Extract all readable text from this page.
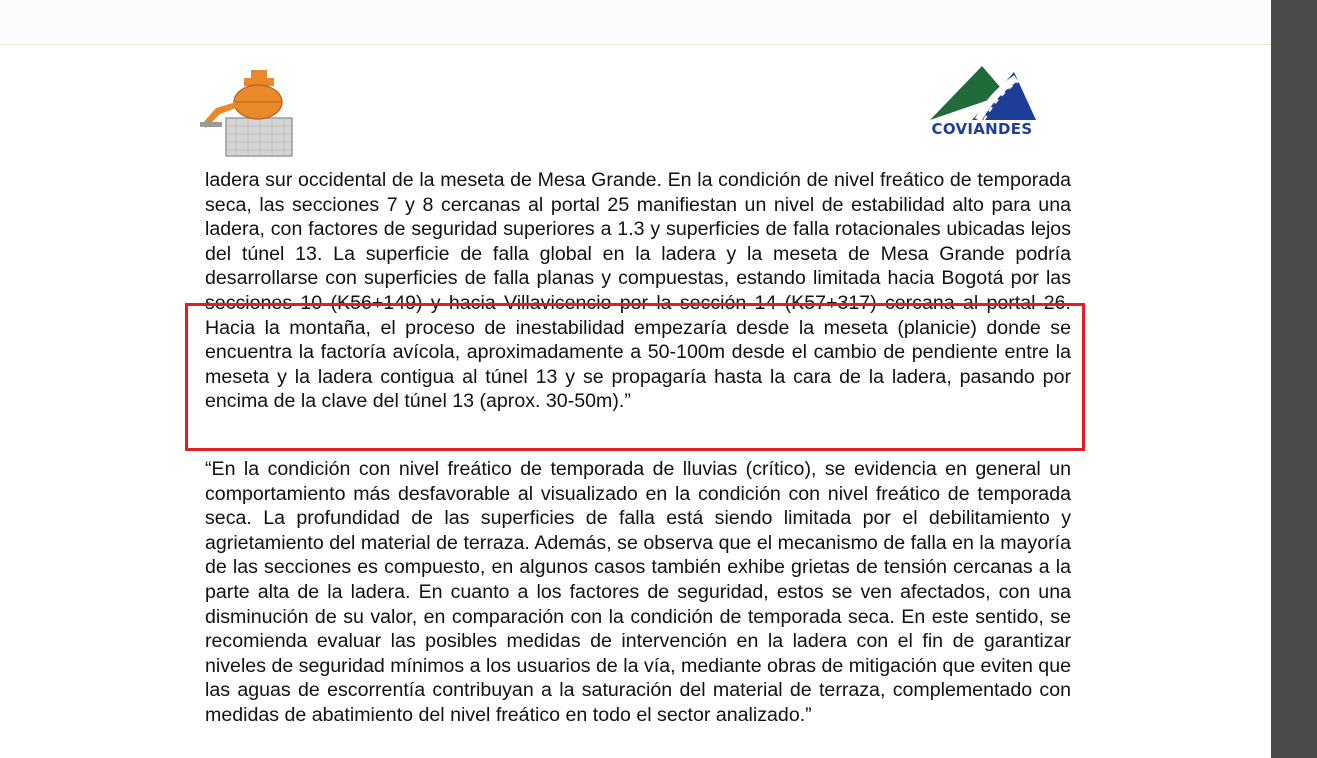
COVIANDES

ladera sur occidental de la meseta de Mesa Grande. En la condición de nivel freático de temporada seca, las secciones 7 y 8 cercanas al portal 25 manifiestan un nivel de estabilidad alto para una ladera, con factores de seguridad superiores a 1.3 y superficies de falla rotacionales ubicadas lejos del túnel 13. La superficie de falla global en la ladera y la meseta de Mesa Grande podría desarrollarse con superficies de falla planas y compuestas, estando limitada hacia Bogotá por las secciones 10 (K56+149) y hacia Villavicencio por la sección 14 (K57+317) cercana al portal 26. Hacia la montaña, el proceso de inestabilidad empezaría desde la meseta (planicie) donde se encuentra la factoría avícola, aproximadamente a 50-100m desde el cambio de pendiente entre la meseta y la ladera contigua al túnel 13 y se propagaría hasta la cara de la ladera, pasando por encima de la clave del túnel 13 (aprox. 30-50m).”

“En la condición con nivel freático de temporada de lluvias (crítico), se evidencia en general un comportamiento más desfavorable al visualizado en la condición con nivel freático de temporada seca. La profundidad de las superficies de falla está siendo limitada por el debilitamiento y agrietamiento del material de terraza. Además, se observa que el mecanismo de falla en la mayoría de las secciones es compuesto, en algunos casos también exhibe grietas de tensión cercanas a la parte alta de la ladera. En cuanto a los factores de seguridad, estos se ven afectados, con una disminución de su valor, en comparación con la condición de temporada seca. En este sentido, se recomienda evaluar las posibles medidas de intervención en la ladera con el fin de garantizar niveles de seguridad mínimos a los usuarios de la vía, mediante obras de mitigación que eviten que las aguas de escorrentía contribuyan a la saturación del material de terraza, complementado con medidas de abatimiento del nivel freático en todo el sector analizado.”
